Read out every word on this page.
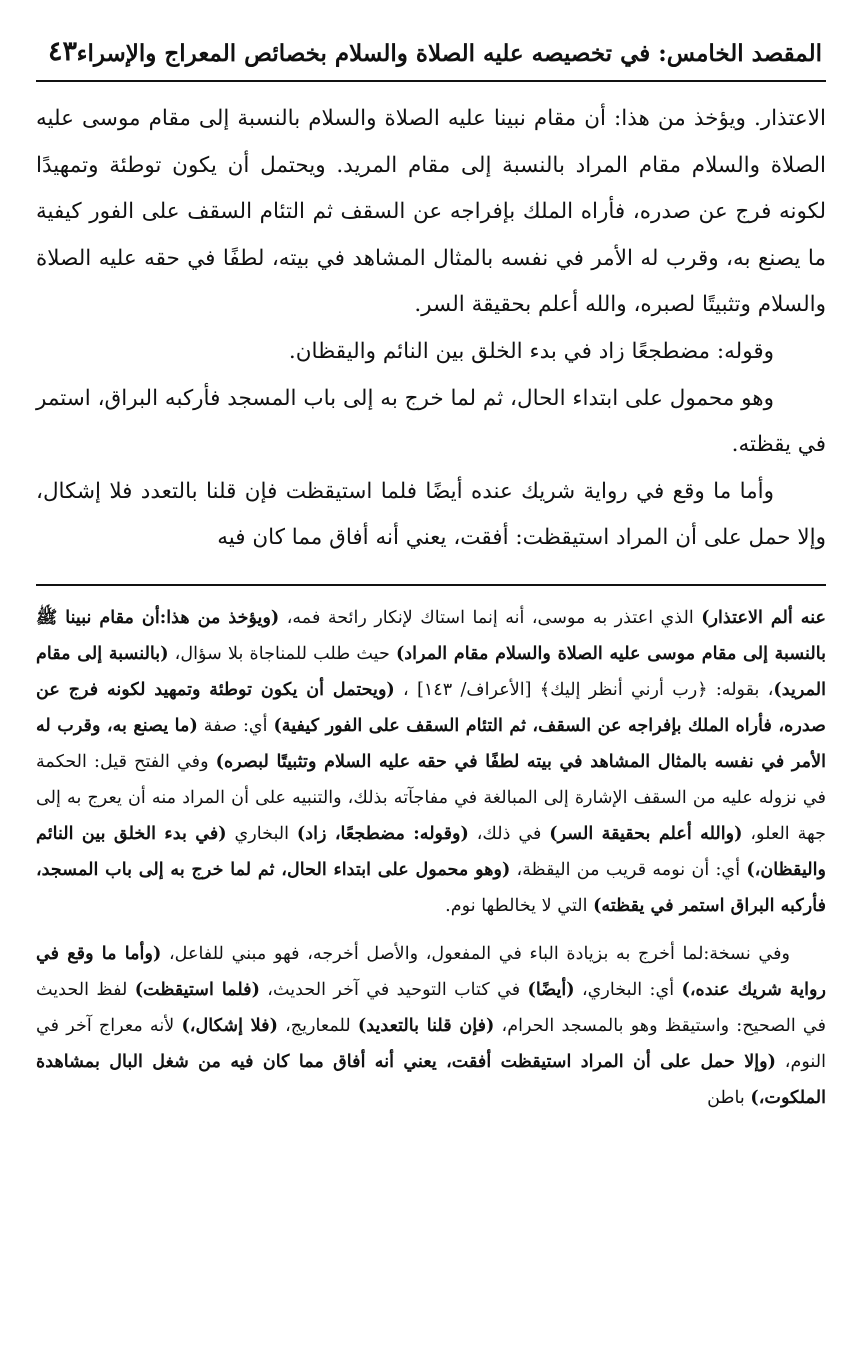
المقصد الخامس: في تخصيصه عليه الصلاة والسلام بخصائص المعراج والإسراء
٤٣

الاعتذار. ويؤخذ من هذا: أن مقام نبينا عليه الصلاة والسلام بالنسبة إلى مقام موسى عليه الصلاة والسلام مقام المراد بالنسبة إلى مقام المريد. ويحتمل أن يكون توطئة وتمهيدًا لكونه فرج عن صدره، فأراه الملك بإفراجه عن السقف ثم التئام السقف على الفور كيفية ما يصنع به، وقرب له الأمر في نفسه بالمثال المشاهد في بيته، لطفًا في حقه عليه الصلاة والسلام وتثبيتًا لصبره، والله أعلم بحقيقة السر.

وقوله: مضطجعًا زاد في بدء الخلق بين النائم واليقظان.

وهو محمول على ابتداء الحال، ثم لما خرج به إلى باب المسجد فأركبه البراق، استمر في يقظته.

وأما ما وقع في رواية شريك عنده أيضًا فلما استيقظت فإن قلنا بالتعدد فلا إشكال، وإلا حمل على أن المراد استيقظت: أفقت، يعني أنه أفاق مما كان فيه

عنه ألم الاعتذار) الذي اعتذر به موسى، أنه إنما استاك لإنكار رائحة فمه، (ويؤخذ من هذا:أن مقام نبينا ﷺ بالنسبة إلى مقام موسى عليه الصلاة والسلام مقام المراد) حيث طلب للمناجاة بلا سؤال، (بالنسبة إلى مقام المريد)، بقوله: ﴿رب أرني أنظر إليك﴾ [الأعراف/ ١٤٣] ، (ويحتمل أن يكون توطئة وتمهيد لكونه فرج عن صدره، فأراه الملك بإفراجه عن السقف، ثم التئام السقف على الفور كيفية) أي: صفة (ما يصنع به، وقرب له الأمر في نفسه بالمثال المشاهد في بيته لطفًا في حقه عليه السلام وتثبيتًا لبصره) وفي الفتح قيل: الحكمة في نزوله عليه من السقف الإشارة إلى المبالغة في مفاجآته بذلك، والتنبيه على أن المراد منه أن يعرج به إلى جهة العلو، (والله أعلم بحقيقة السر) في ذلك، (وقوله: مضطجعًا، زاد) البخاري (في بدء الخلق بين النائم واليقظان،) أي: أن نومه قريب من اليقظة، (وهو محمول على ابتداء الحال، ثم لما خرج به إلى باب المسجد، فأركبه البراق استمر في يقظته) التي لا يخالطها نوم.

وفي نسخة:لما أخرج به بزيادة الباء في المفعول، والأصل أخرجه، فهو مبني للفاعل، (وأما ما وقع في رواية شريك عنده،) أي: البخاري، (أيضًا) في كتاب التوحيد في آخر الحديث، (فلما استيقظت) لفظ الحديث في الصحيح: واستيقظ وهو بالمسجد الحرام، (فإن قلنا بالتعديد) للمعاريج، (فلا إشكال،) لأنه معراج آخر في النوم، (وإلا حمل على أن المراد استيقظت أفقت، يعني أنه أفاق مما كان فيه من شغل البال بمشاهدة الملكوت،) باطن
